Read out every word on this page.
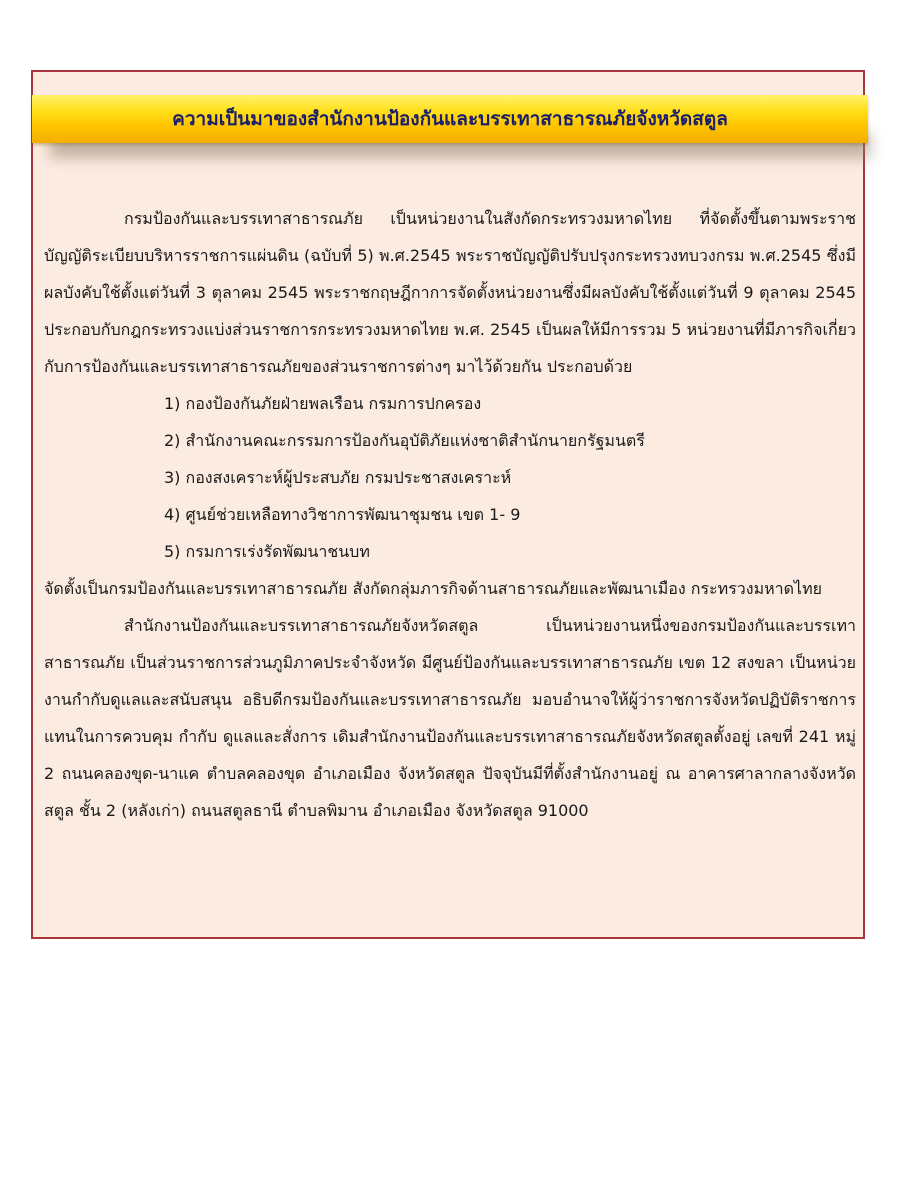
ความเป็นมาของสำนักงานป้องกันและบรรเทาสาธารณภัยจังหวัดสตูล

กรมป้องกันและบรรเทาสาธารณภัย เป็นหน่วยงานในสังกัดกระทรวงมหาดไทย ที่จัดตั้งขึ้นตามพระราชบัญญัติระเบียบบริหารราชการแผ่นดิน (ฉบับที่ 5) พ.ศ.2545 พระราชบัญญัติปรับปรุงกระทรวงทบวงกรม พ.ศ.2545 ซึ่งมีผลบังคับใช้ตั้งแต่วันที่ 3 ตุลาคม 2545 พระราชกฤษฎีกาการจัดตั้งหน่วยงานซึ่งมีผลบังคับใช้ตั้งแต่วันที่ 9 ตุลาคม 2545 ประกอบกับกฎกระทรวงแบ่งส่วนราชการกระทรวงมหาดไทย พ.ศ. 2545 เป็นผลให้มีการรวม 5 หน่วยงานที่มีภารกิจเกี่ยวกับการป้องกันและบรรเทาสาธารณภัยของส่วนราชการต่างๆ มาไว้ด้วยกัน ประกอบด้วย

1) กองป้องกันภัยฝ่ายพลเรือน กรมการปกครอง
2) สำนักงานคณะกรรมการป้องกันอุบัติภัยแห่งชาติสำนักนายกรัฐมนตรี
3) กองสงเคราะห์ผู้ประสบภัย กรมประชาสงเคราะห์
4) ศูนย์ช่วยเหลือทางวิชาการพัฒนาชุมชน เขต 1- 9
5) กรมการเร่งรัดพัฒนาชนบท

จัดตั้งเป็นกรมป้องกันและบรรเทาสาธารณภัย สังกัดกลุ่มภารกิจด้านสาธารณภัยและพัฒนาเมือง กระทรวงมหาดไทย

สำนักงานป้องกันและบรรเทาสาธารณภัยจังหวัดสตูล เป็นหน่วยงานหนึ่งของกรมป้องกันและบรรเทาสาธารณภัย เป็นส่วนราชการส่วนภูมิภาคประจำจังหวัด มีศูนย์ป้องกันและบรรเทาสาธารณภัย เขต 12 สงขลา เป็นหน่วยงานกำกับดูแลและสนับสนุน อธิบดีกรมป้องกันและบรรเทาสาธารณภัย มอบอำนาจให้ผู้ว่าราชการจังหวัดปฏิบัติราชการแทนในการควบคุม กำกับ ดูแลและสั่งการ เดิมสำนักงานป้องกันและบรรเทาสาธารณภัยจังหวัดสตูลตั้งอยู่ เลขที่ 241 หมู่ 2 ถนนคลองขุด-นาแค ตำบลคลองขุด อำเภอเมือง จังหวัดสตูล ปัจจุบันมีที่ตั้งสำนักงานอยู่ ณ อาคารศาลากลางจังหวัดสตูล ชั้น 2 (หลังเก่า) ถนนสตูลธานี ตำบลพิมาน อำเภอเมือง จังหวัดสตูล 91000
